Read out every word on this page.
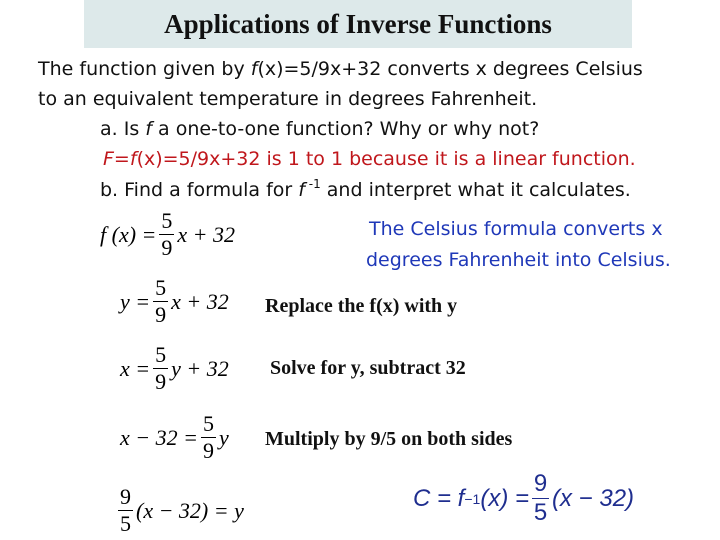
Applications of Inverse Functions
The function given by f(x)=5/9x+32 converts x degrees Celsius
to an equivalent temperature in degrees Fahrenheit.
a. Is f a one-to-one function? Why or why not?
F=f(x)=5/9x+32 is 1 to 1 because it is a linear function.
b. Find a formula for f $^{-1}$ and interpret what it calculates.
The Celsius formula converts x
degrees Fahrenheit into Celsius.
f $(x) = \frac{5}{9}$ x + 32
$y = \frac{5}{9}$ x + 32 Replace the f(x) with y
$x = \frac{5}{9}$ y + 32 Solve for y, subtract 32
$x - 32 = \frac{5}{9}$ y Multiply by 9/5 on both sides
$\frac{9}{5} (x - 32) = y$	C = f −1 $(x) = \frac{9}{5} (x - 32)$
